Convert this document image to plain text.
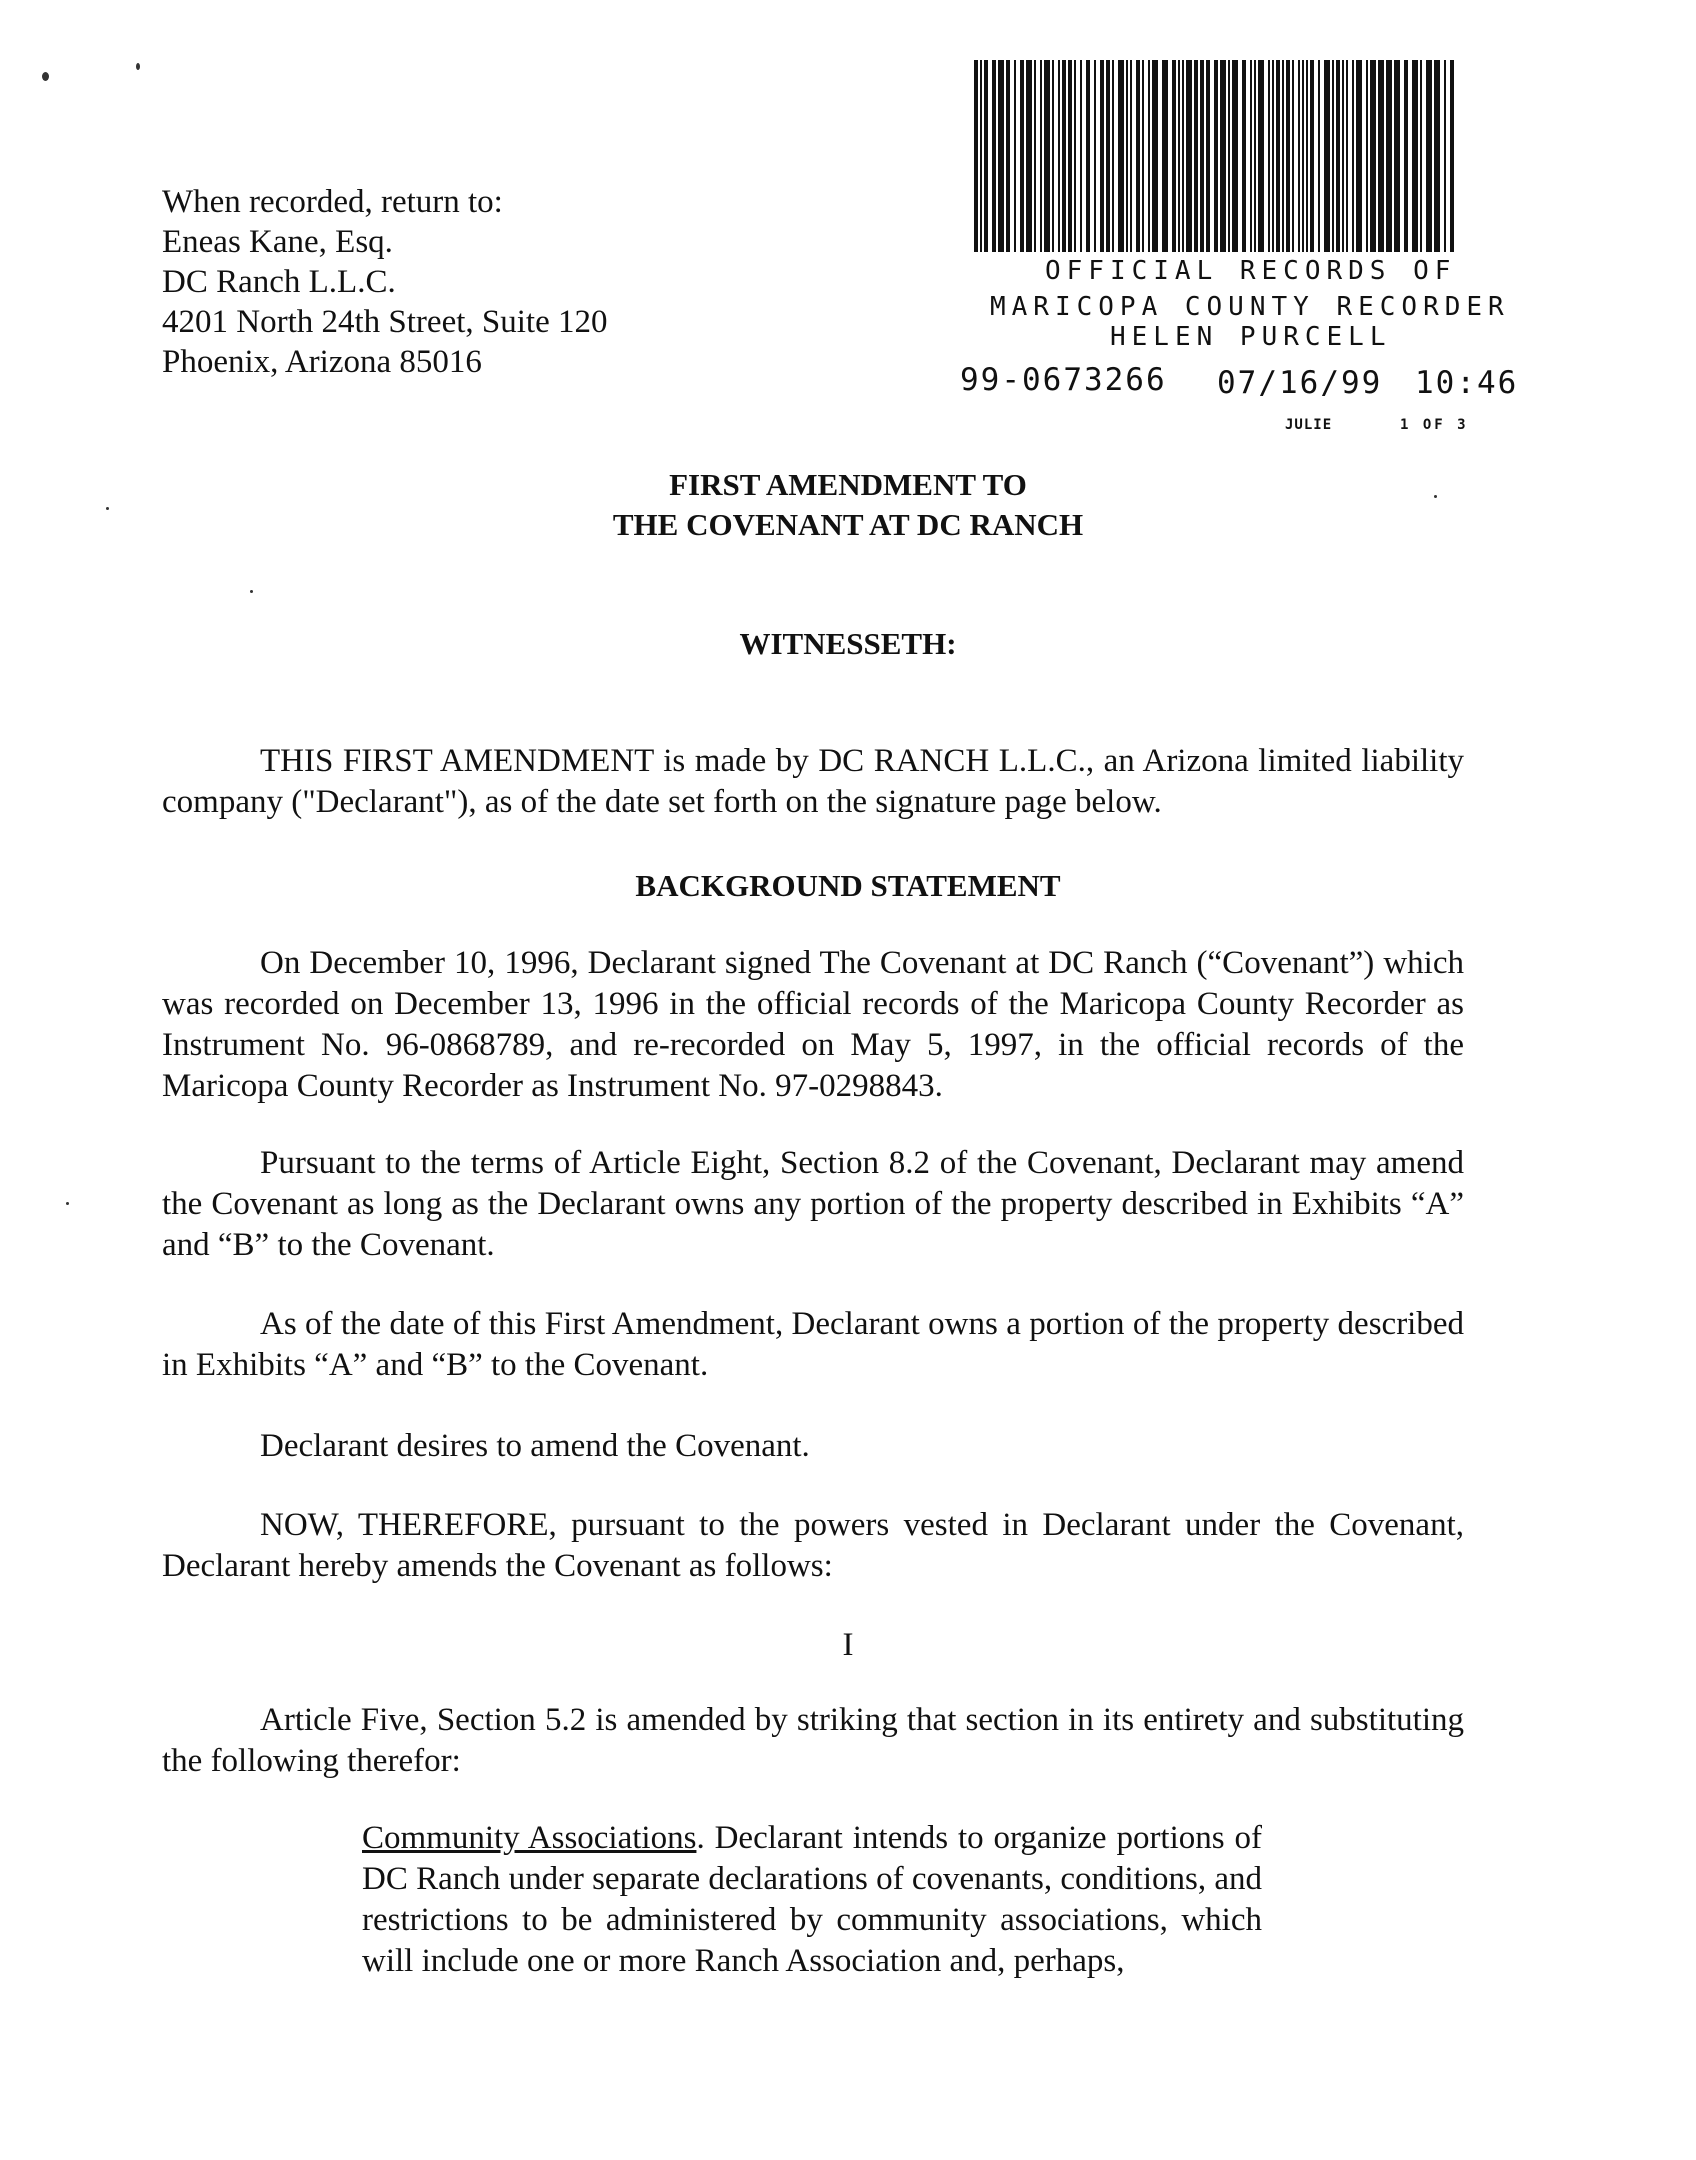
When recorded, return to:
Eneas Kane, Esq.
DC Ranch L.L.C.
4201 North 24th Street, Suite 120
Phoenix, Arizona 85016
OFFICIAL RECORDS OF
MARICOPA COUNTY RECORDER
HELEN PURCELL
99-0673266 07/16/99 10:46
JULIE	1 OF 3
FIRST AMENDMENT TO
THE COVENANT AT DC RANCH
WITNESSETH:
THIS FIRST AMENDMENT is made by DC RANCH L.L.C., an Arizona limited liability company ("Declarant"), as of the date set forth on the signature page below.
BACKGROUND STATEMENT
On December 10, 1996, Declarant signed The Covenant at DC Ranch (“Covenant”) which was recorded on December 13, 1996 in the official records of the Maricopa County Recorder as Instrument No. 96-0868789, and re-recorded on May 5, 1997, in the official records of the Maricopa County Recorder as Instrument No. 97-0298843.
Pursuant to the terms of Article Eight, Section 8.2 of the Covenant, Declarant may amend the Covenant as long as the Declarant owns any portion of the property described in Exhibits “A” and “B” to the Covenant.
As of the date of this First Amendment, Declarant owns a portion of the property described in Exhibits “A” and “B” to the Covenant.
Declarant desires to amend the Covenant.
NOW, THEREFORE, pursuant to the powers vested in Declarant under the Covenant, Declarant hereby amends the Covenant as follows:
I
Article Five, Section 5.2 is amended by striking that section in its entirety and substituting the following therefor:
Community Associations. Declarant intends to organize portions of DC Ranch under separate declarations of covenants, conditions, and restrictions to be administered by community associations, which will include one or more Ranch Association and, perhaps,
